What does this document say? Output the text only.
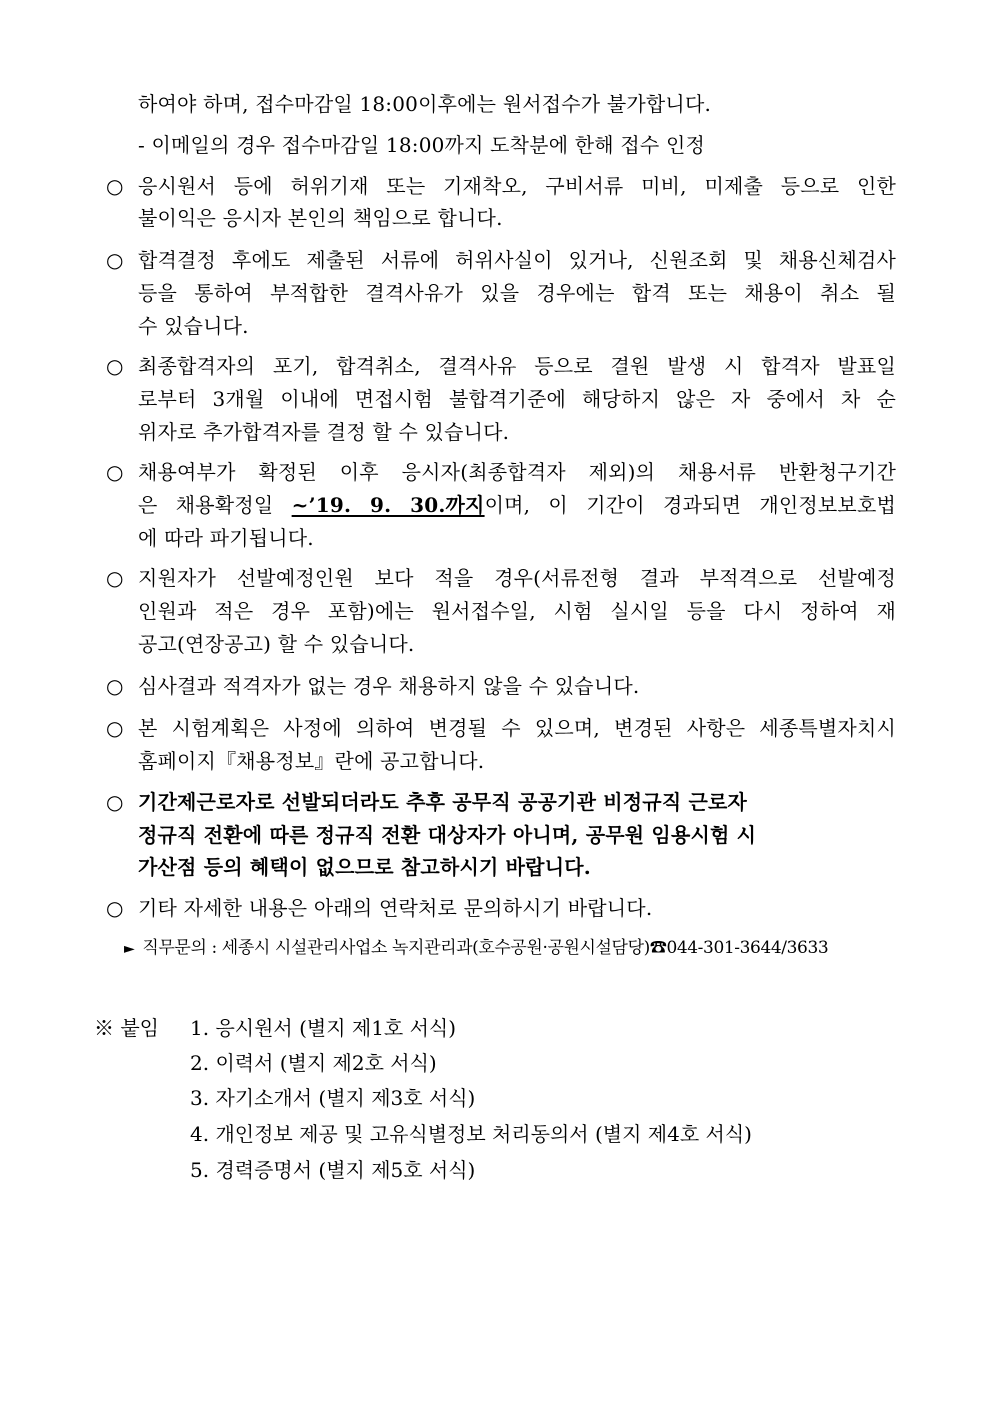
하여야 하며, 접수마감일 18:00이후에는 원서접수가 불가합니다.
- 이메일의 경우 접수마감일 18:00까지 도착분에 한해 접수 인정
○ 응시원서 등에 허위기재 또는 기재착오, 구비서류 미비, 미제출 등으로 인한
불이익은 응시자 본인의 책임으로 합니다.
○ 합격결정 후에도 제출된 서류에 허위사실이 있거나, 신원조회 및 채용신체검사
등을 통하여 부적합한 결격사유가 있을 경우에는 합격 또는 채용이 취소 될
수 있습니다.
○ 최종합격자의 포기, 합격취소, 결격사유 등으로 결원 발생 시 합격자 발표일
로부터 3개월 이내에 면접시험 불합격기준에 해당하지 않은 자 중에서 차 순
위자로 추가합격자를 결정 할 수 있습니다.
○ 채용여부가 확정된 이후 응시자(최종합격자 제외)의 채용서류 반환청구기간
은 채용확정일 ~’19. 9. 30.까지이며, 이 기간이 경과되면 개인정보보호법
에 따라 파기됩니다.
○ 지원자가 선발예정인원 보다 적을 경우(서류전형 결과 부적격으로 선발예정
인원과 적은 경우 포함)에는 원서접수일, 시험 실시일 등을 다시 정하여 재
공고(연장공고) 할 수 있습니다.
○ 심사결과 적격자가 없는 경우 채용하지 않을 수 있습니다.
○ 본 시험계획은 사정에 의하여 변경될 수 있으며, 변경된 사항은 세종특별자치시
홈페이지『채용정보』란에 공고합니다.
○ 기간제근로자로 선발되더라도 추후 공무직 공공기관 비정규직 근로자
정규직 전환에 따른 정규직 전환 대상자가 아니며, 공무원 임용시험 시
가산점 등의 혜택이 없으므로 참고하시기 바랍니다.
○ 기타 자세한 내용은 아래의 연락처로 문의하시기 바랍니다.
► 직무문의 : 세종시 시설관리사업소 녹지관리과(호수공원·공원시설담당)☎044-301-3644/3633
※ 붙임 1. 응시원서 (별지 제1호 서식)
2. 이력서 (별지 제2호 서식)
3. 자기소개서 (별지 제3호 서식)
4. 개인정보 제공 및 고유식별정보 처리동의서 (별지 제4호 서식)
5. 경력증명서 (별지 제5호 서식)
